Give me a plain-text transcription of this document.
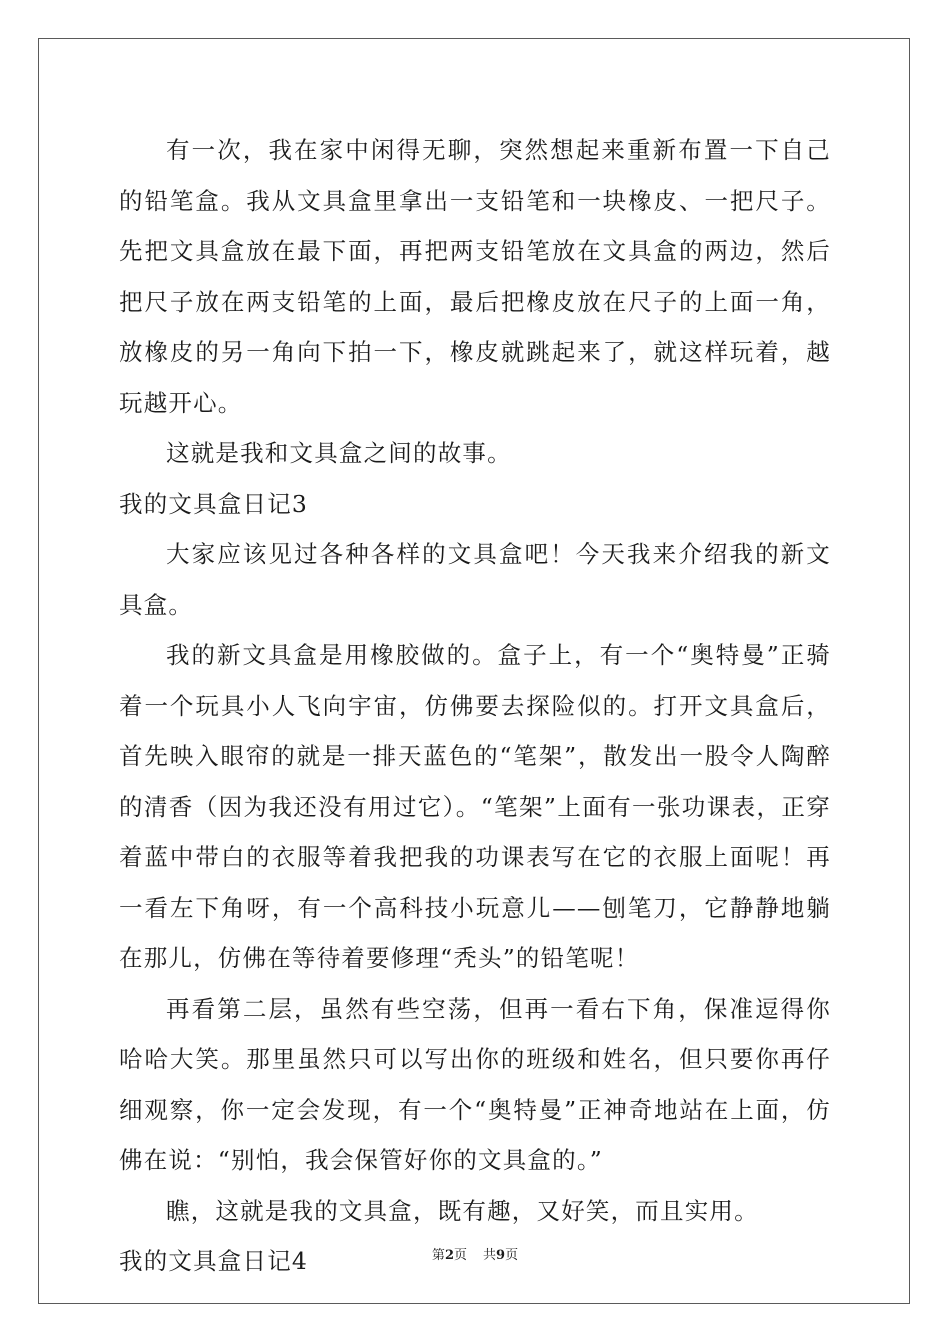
有一次，我在家中闲得无聊，突然想起来重新布置一下自己的铅笔盒。我从文具盒里拿出一支铅笔和一块橡皮、一把尺子。先把文具盒放在最下面，再把两支铅笔放在文具盒的两边，然后把尺子放在两支铅笔的上面，最后把橡皮放在尺子的上面一角，放橡皮的另一角向下拍一下，橡皮就跳起来了，就这样玩着，越玩越开心。

这就是我和文具盒之间的故事。

我的文具盒日记3

大家应该见过各种各样的文具盒吧！今天我来介绍我的新文具盒。

我的新文具盒是用橡胶做的。盒子上，有一个“奥特曼”正骑着一个玩具小人飞向宇宙，仿佛要去探险似的。打开文具盒后，首先映入眼帘的就是一排天蓝色的“笔架”，散发出一股令人陶醉的清香（因为我还没有用过它）。“笔架”上面有一张功课表，正穿着蓝中带白的衣服等着我把我的功课表写在它的衣服上面呢！再一看左下角呀，有一个高科技小玩意儿——刨笔刀，它静静地躺在那儿，仿佛在等待着要修理“秃头”的铅笔呢！

再看第二层，虽然有些空荡，但再一看右下角，保准逗得你哈哈大笑。那里虽然只可以写出你的班级和姓名，但只要你再仔细观察，你一定会发现，有一个“奥特曼”正神奇地站在上面，仿佛在说：“别怕，我会保管好你的文具盒的。”

瞧，这就是我的文具盒，既有趣，又好笑，而且实用。

我的文具盒日记4	第2页 共9页
